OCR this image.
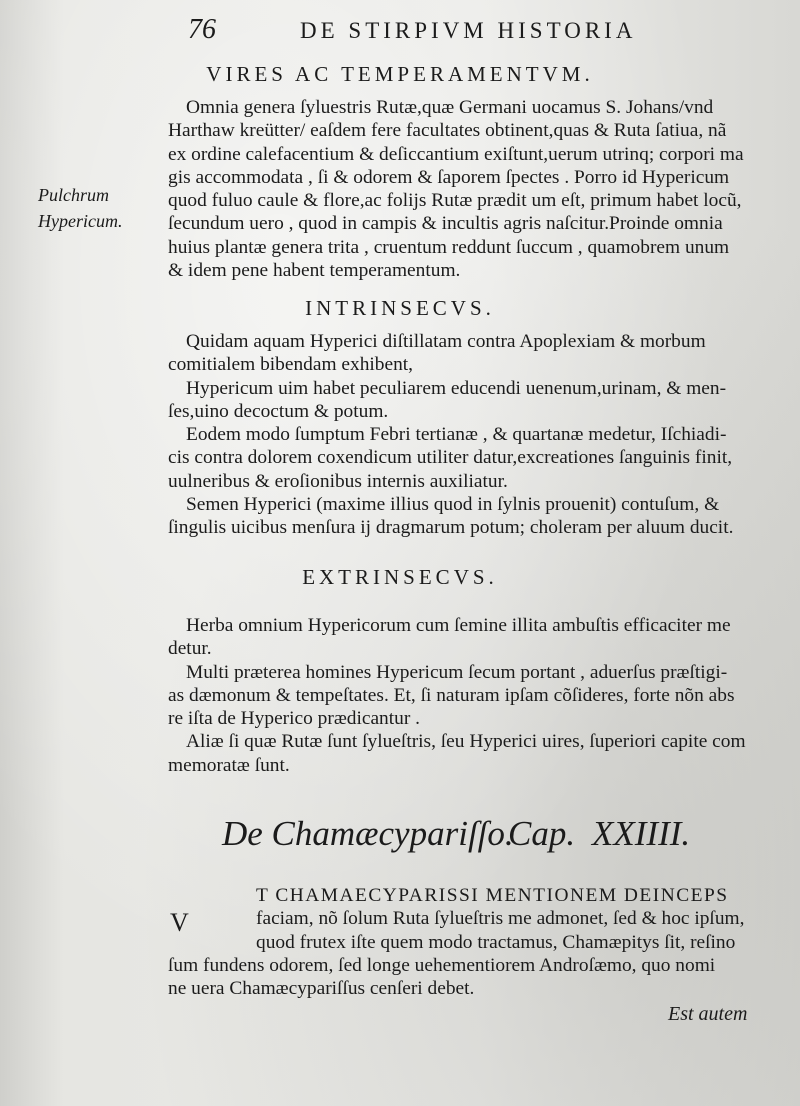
76	DE STIRPIVM HISTORIA
VIRES AC TEMPERAMENTVM.
Pulchrum
Hypericum.
Omnia genera ſyluestris Rutæ,quæ Germani uocamus S. Johans/vnd
Harthaw kreütter/ eaſdem fere facultates obtinent,quas & Ruta ſatiua, nã
ex ordine calefacentium & deſiccantium exiſtunt,uerum utrinq; corpori ma
gis accommodata , ſi & odorem & ſaporem ſpectes . Porro id Hypericum
quod fuluo caule & flore,ac folijs Rutæ prædit um eſt, primum habet locũ,
ſecundum uero , quod in campis & incultis agris naſcitur.Proinde omnia
huius plantæ genera trita , cruentum reddunt ſuccum , quamobrem unum
& idem pene habent temperamentum.
INTRINSECVS.
Quidam aquam Hyperici diſtillatam contra Apoplexiam & morbum
comitialem bibendam exhibent,
Hypericum uim habet peculiarem educendi uenenum,urinam, & men-
ſes,uino decoctum & potum.
Eodem modo ſumptum Febri tertianæ , & quartanæ medetur, Iſchiadi-
cis contra dolorem coxendicum utiliter datur,excreationes ſanguinis finit,
uulneribus & eroſionibus internis auxiliatur.
Semen Hyperici (maxime illius quod in ſylnis prouenit) contuſum, &
ſingulis uicibus menſura ij dragmarum potum; choleram per aluum ducit.
EXTRINSECVS.
Herba omnium Hypericorum cum ſemine illita ambuſtis efficaciter me
detur.
Multi præterea homines Hypericum ſecum portant , aduerſus præſtigi-
as dæmonum & tempeſtates. Et, ſi naturam ipſam cõſideres, forte nõn abs
re iſta de Hyperico prædicantur .
Aliæ ſi quæ Rutæ ſunt ſylueſtris, ſeu Hyperici uires, ſuperiori capite com
memoratæ ſunt.
De Chamæcypariſſo.
Cap. XXIIII.
V
T CHAMAECYPARISSI MENTIONEM DEINCEPS
faciam, nõ ſolum Ruta ſylueſtris me admonet, ſed & hoc ipſum,
quod frutex iſte quem modo tractamus, Chamæpitys ſit, reſino
ſum fundens odorem, ſed longe uehementiorem Androſæmo, quo nomi
ne uera Chamæcypariſſus cenſeri debet.
Est autem
